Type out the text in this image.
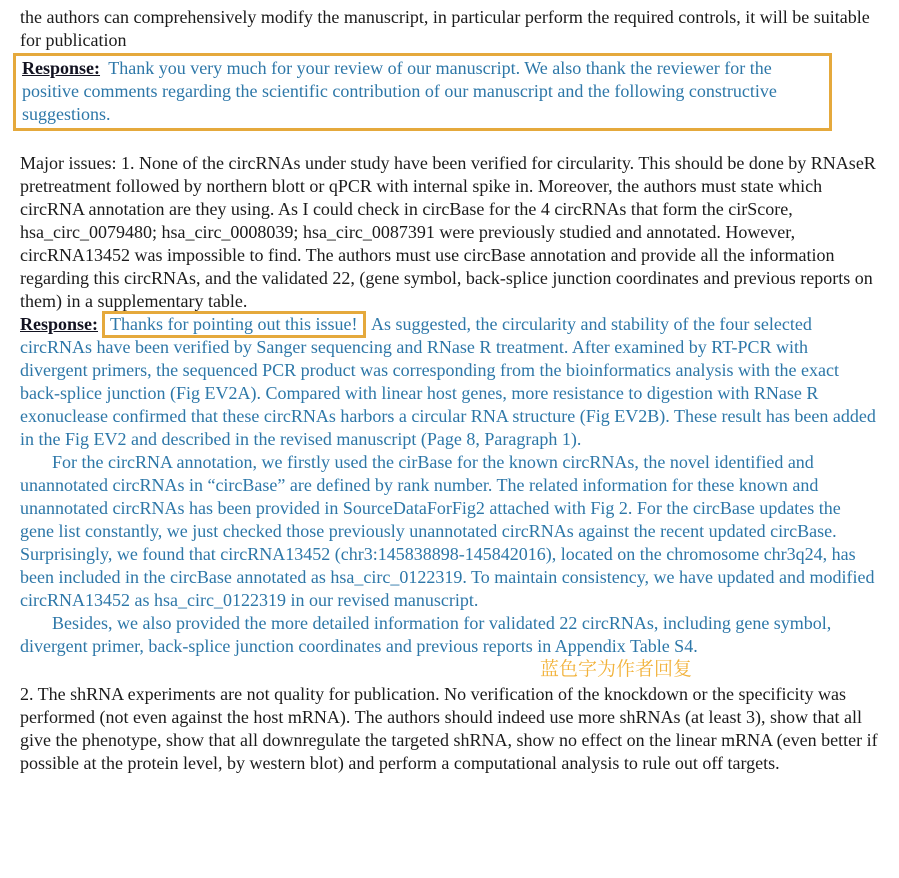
the authors can comprehensively modify the manuscript, in particular perform the required controls, it will be suitable for publication

Response: Thank you very much for your review of our manuscript. We also thank the reviewer for the positive comments regarding the scientific contribution of our manuscript and the following constructive suggestions.

Major issues: 1. None of the circRNAs under study have been verified for circularity. This should be done by RNAseR pretreatment followed by northern blott or qPCR with internal spike in. Moreover, the authors must state which circRNA annotation are they using. As I could check in circBase for the 4 circRNAs that form the cirScore, hsa_circ_0079480; hsa_circ_0008039; hsa_circ_0087391 were previously studied and annotated. However, circRNA13452 was impossible to find. The authors must use circBase annotation and provide all the information regarding this circRNAs, and the validated 22, (gene symbol, back-splice junction coordinates and previous reports on them) in a supplementary table.

Response: Thanks for pointing out this issue! As suggested, the circularity and stability of the four selected circRNAs have been verified by Sanger sequencing and RNase R treatment. After examined by RT-PCR with divergent primers, the sequenced PCR product was corresponding from the bioinformatics analysis with the exact back-splice junction (Fig EV2A). Compared with linear host genes, more resistance to digestion with RNase R exonuclease confirmed that these circRNAs harbors a circular RNA structure (Fig EV2B). These result has been added in the Fig EV2 and described in the revised manuscript (Page 8, Paragraph 1).

For the circRNA annotation, we firstly used the cirBase for the known circRNAs, the novel identified and unannotated circRNAs in “circBase” are defined by rank number. The related information for these known and unannotated circRNAs has been provided in SourceDataForFig2 attached with Fig 2. For the circBase updates the gene list constantly, we just checked those previously unannotated circRNAs against the recent updated circBase. Surprisingly, we found that circRNA13452 (chr3:145838898-145842016), located on the chromosome chr3q24, has been included in the circBase annotated as hsa_circ_0122319. To maintain consistency, we have updated and modified circRNA13452 as hsa_circ_0122319 in our revised manuscript.

Besides, we also provided the more detailed information for validated 22 circRNAs, including gene symbol, divergent primer, back-splice junction coordinates and previous reports in Appendix Table S4.

蓝色字为作者回复

2. The shRNA experiments are not quality for publication. No verification of the knockdown or the specificity was performed (not even against the host mRNA). The authors should indeed use more shRNAs (at least 3), show that all give the phenotype, show that all downregulate the targeted shRNA, show no effect on the linear mRNA (even better if possible at the protein level, by western blot) and perform a computational analysis to rule out off targets.
